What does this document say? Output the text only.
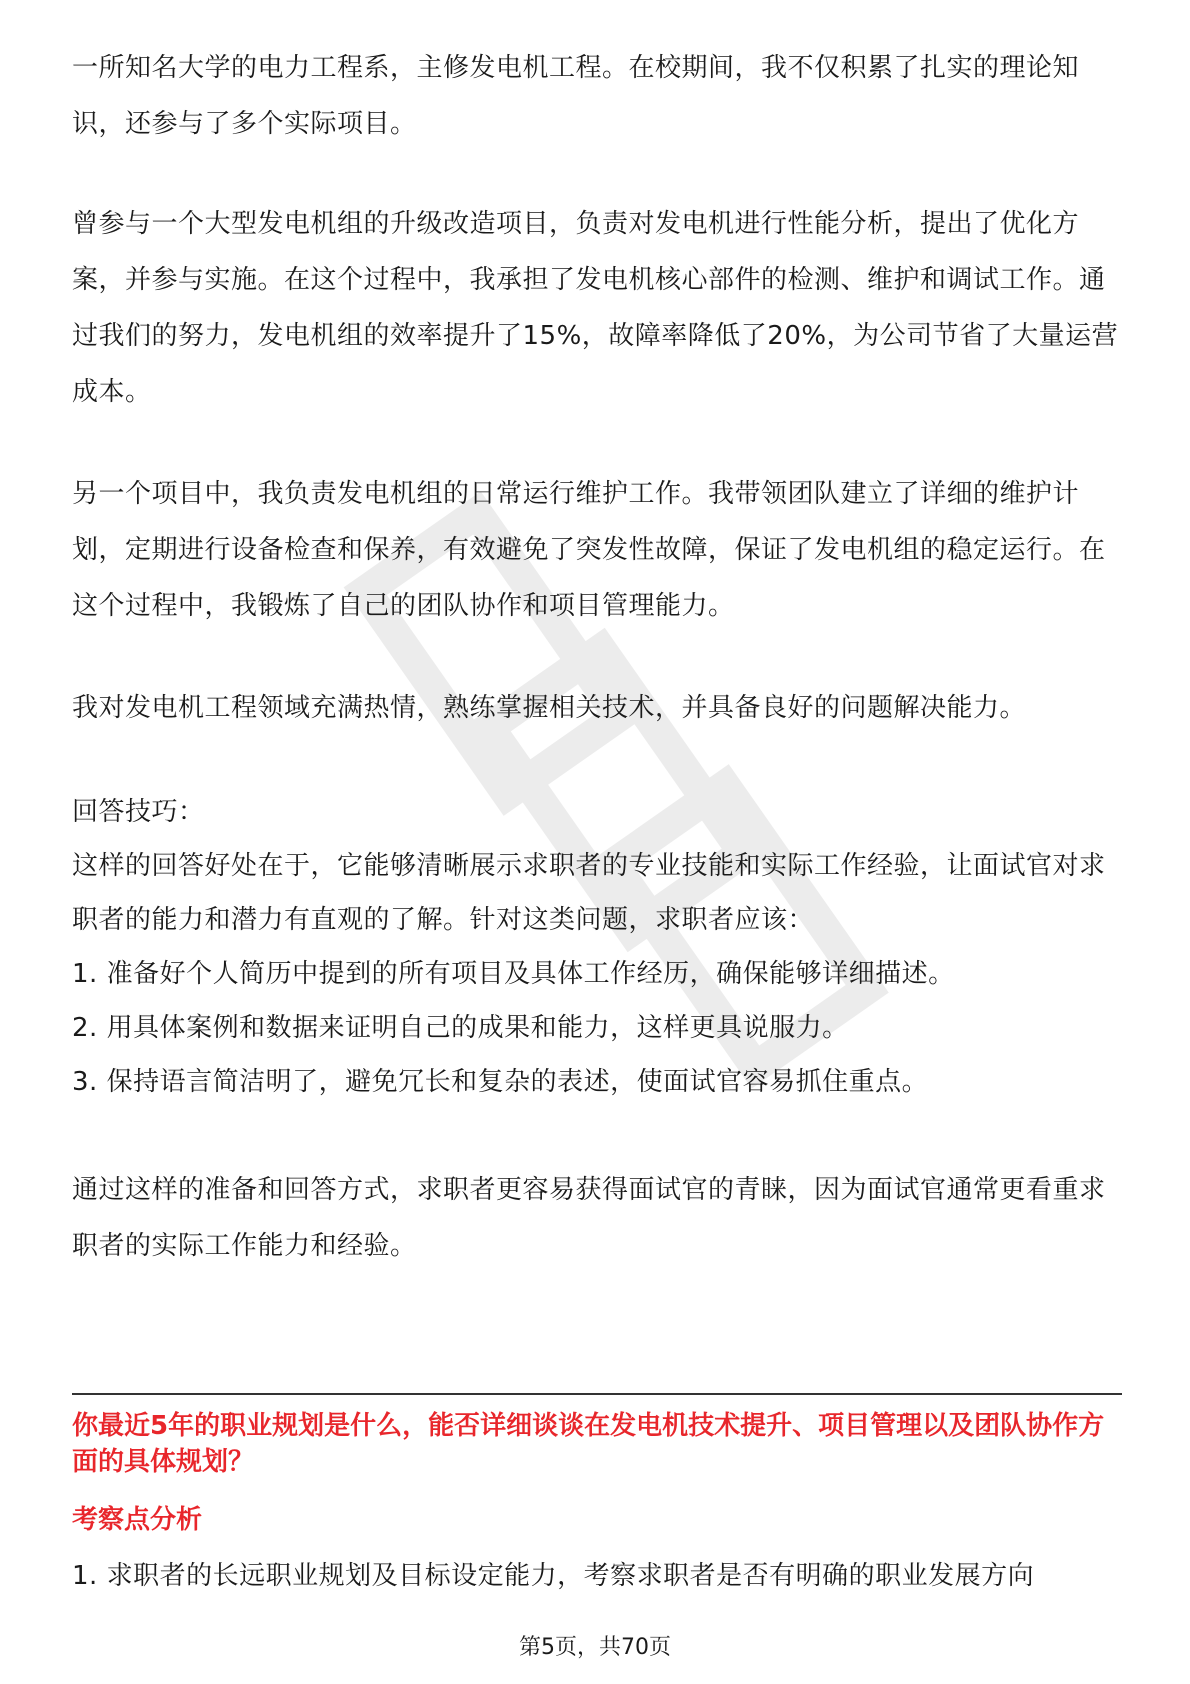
一所知名大学的电力工程系，主修发电机工程。在校期间，我不仅积累了扎实的理论知识，还参与了多个实际项目。

曾参与一个大型发电机组的升级改造项目，负责对发电机进行性能分析，提出了优化方案，并参与实施。在这个过程中，我承担了发电机核心部件的检测、维护和调试工作。通过我们的努力，发电机组的效率提升了15%，故障率降低了20%，为公司节省了大量运营成本。

另一个项目中，我负责发电机组的日常运行维护工作。我带领团队建立了详细的维护计划，定期进行设备检查和保养，有效避免了突发性故障，保证了发电机组的稳定运行。在这个过程中，我锻炼了自己的团队协作和项目管理能力。

我对发电机工程领域充满热情，熟练掌握相关技术，并具备良好的问题解决能力。

回答技巧：

这样的回答好处在于，它能够清晰展示求职者的专业技能和实际工作经验，让面试官对求职者的能力和潜力有直观的了解。针对这类问题，求职者应该：

1. 准备好个人简历中提到的所有项目及具体工作经历，确保能够详细描述。

2. 用具体案例和数据来证明自己的成果和能力，这样更具说服力。

3. 保持语言简洁明了，避免冗长和复杂的表述，使面试官容易抓住重点。

通过这样的准备和回答方式，求职者更容易获得面试官的青睐，因为面试官通常更看重求职者的实际工作能力和经验。

你最近5年的职业规划是什么，能否详细谈谈在发电机技术提升、项目管理以及团队协作方面的具体规划？

考察点分析

1. 求职者的长远职业规划及目标设定能力，考察求职者是否有明确的职业发展方向

第5页，共70页
